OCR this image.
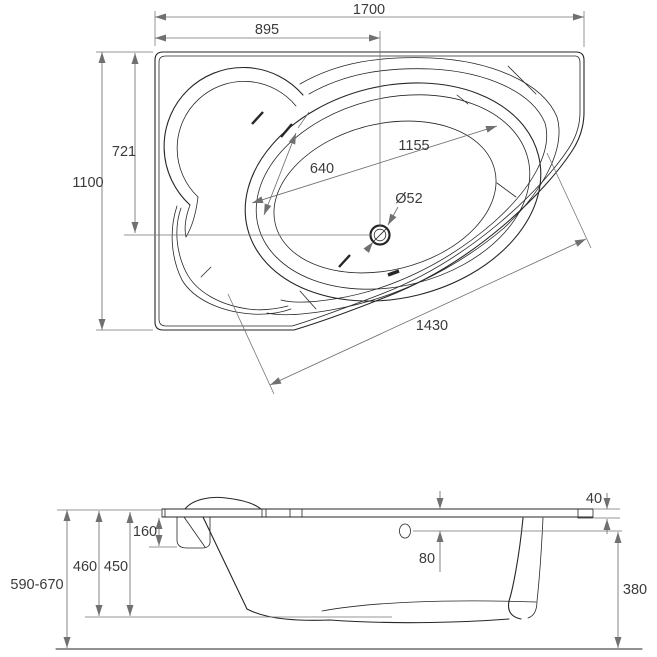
1700
895
1100
721	1155
640
Ø52
1430
590-670
460 450
160
40
80
380
